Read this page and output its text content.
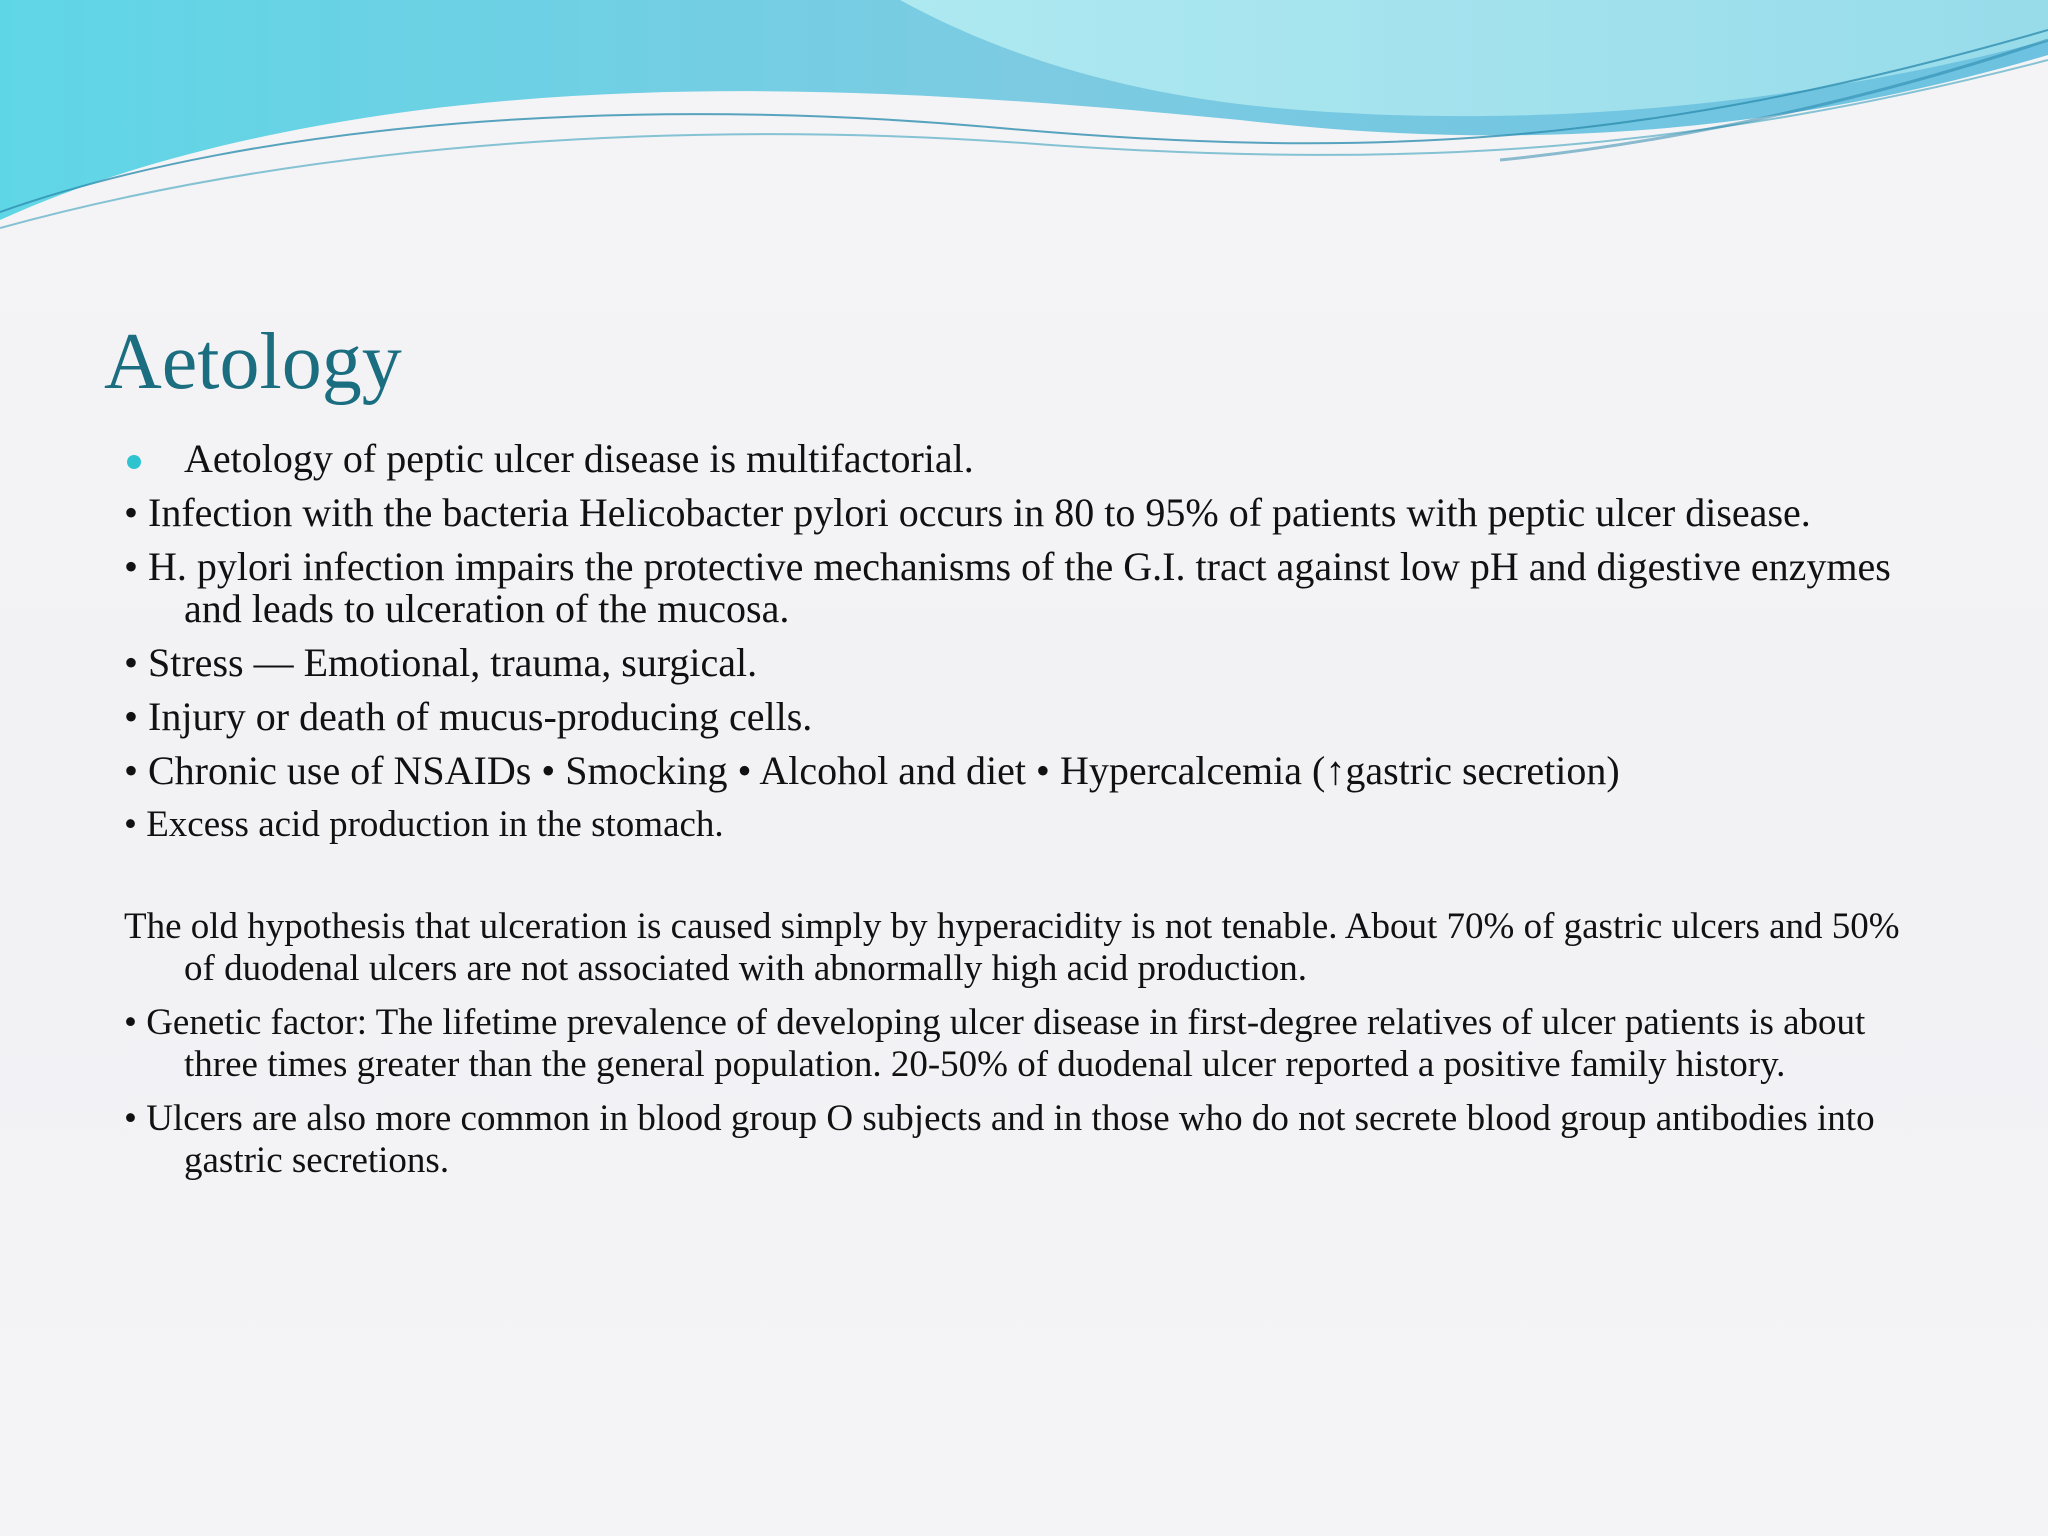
Aetology
Aetology of peptic ulcer disease is multifactorial.
• Infection with the bacteria Helicobacter pylori occurs in 80 to 95% of patients with peptic ulcer disease.
• H. pylori infection impairs the protective mechanisms of the G.I. tract against low pH and digestive enzymes and leads to ulceration of the mucosa.
• Stress — Emotional, trauma, surgical.
• Injury or death of mucus-producing cells.
• Chronic use of NSAIDs • Smocking • Alcohol and diet • Hypercalcemia (↑gastric secretion)
• Excess acid production in the stomach.
The old hypothesis that ulceration is caused simply by hyperacidity is not tenable. About 70% of gastric ulcers and 50% of duodenal ulcers are not associated with abnormally high acid production.
• Genetic factor: The lifetime prevalence of developing ulcer disease in first-degree relatives of ulcer patients is about three times greater than the general population. 20-50% of duodenal ulcer reported a positive family history.
• Ulcers are also more common in blood group O subjects and in those who do not secrete blood group antibodies into gastric secretions.
